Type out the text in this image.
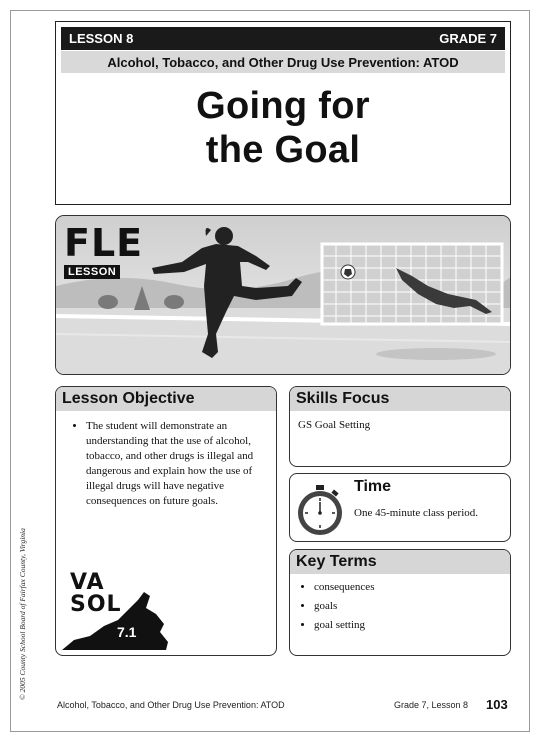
© 2005 County School Board of Fairfax County, Virginia
LESSON 8	GRADE 7
Alcohol, Tobacco, and Other Drug Use Prevention: ATOD
Going for
the Goal
FLE
LESSON
Lesson Objective
• The student will demonstrate an understanding that the use of alcohol, tobacco, and other drugs is illegal and dangerous and explain how the use of illegal drugs will have negative consequences on future goals.
VA
SOL
7.1
Skills Focus
GS Goal Setting
Time
One 45-minute class period.
Key Terms
• consequences
• goals
• goal setting
Alcohol, Tobacco, and Other Drug Use Prevention: ATOD	Grade 7, Lesson 8 103
